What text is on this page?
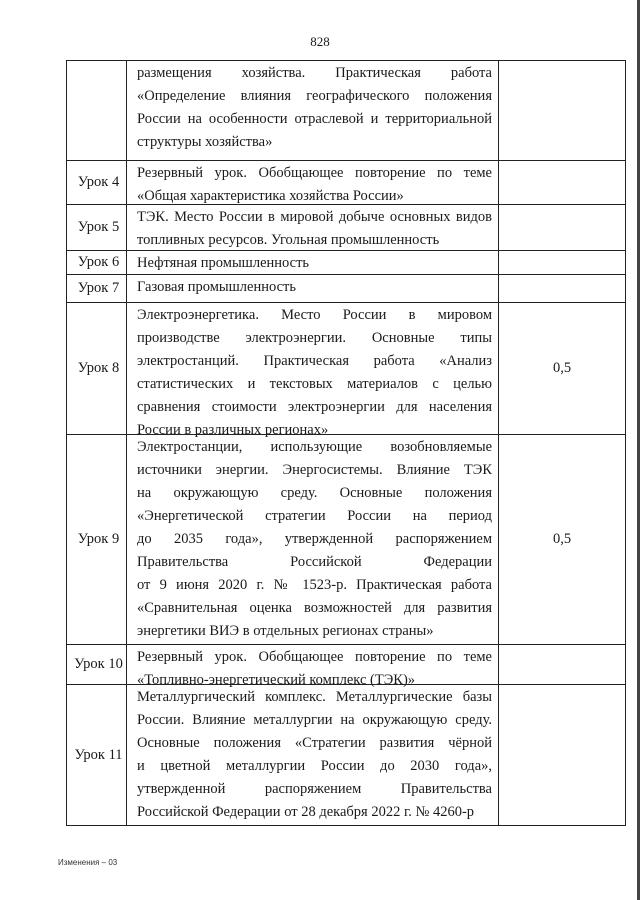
828
размещения хозяйства. Практическая работа
«Определение влияния географического положения
России на особенности отраслевой и территориальной
структуры хозяйства»
Урок 4
Резервный урок. Обобщающее повторение по теме
«Общая характеристика хозяйства России»
Урок 5
ТЭК. Место России в мировой добыче основных видов
топливных ресурсов. Угольная промышленность
Урок 6	Нефтяная промышленность
Урок 7	Газовая промышленность
Урок 8
Электроэнергетика. Место России в мировом
производстве электроэнергии. Основные типы
электростанций. Практическая работа «Анализ
статистических и текстовых материалов с целью
сравнения стоимости электроэнергии для населения
России в различных регионах»
0,5
Урок 9
Электростанции, использующие возобновляемые
источники энергии. Энергосистемы. Влияние ТЭК
на окружающую среду. Основные положения
«Энергетической стратегии России на период
до 2035 года», утвержденной распоряжением
Правительства Российской Федерации
от 9 июня 2020 г. № 1523-р. Практическая работа
«Сравнительная оценка возможностей для развития
энергетики ВИЭ в отдельных регионах страны»
0,5
Урок 10 Резервный урок. Обобщающее повторение по теме
«Топливно-энергетический комплекс (ТЭК)»
Урок 11
Металлургический комплекс. Металлургические базы
России. Влияние металлургии на окружающую среду.
Основные положения «Стратегии развития чёрной
и цветной металлургии России до 2030 года»,
утвержденной распоряжением Правительства
Российской Федерации от 28 декабря 2022 г. № 4260-р
Изменения – 03
